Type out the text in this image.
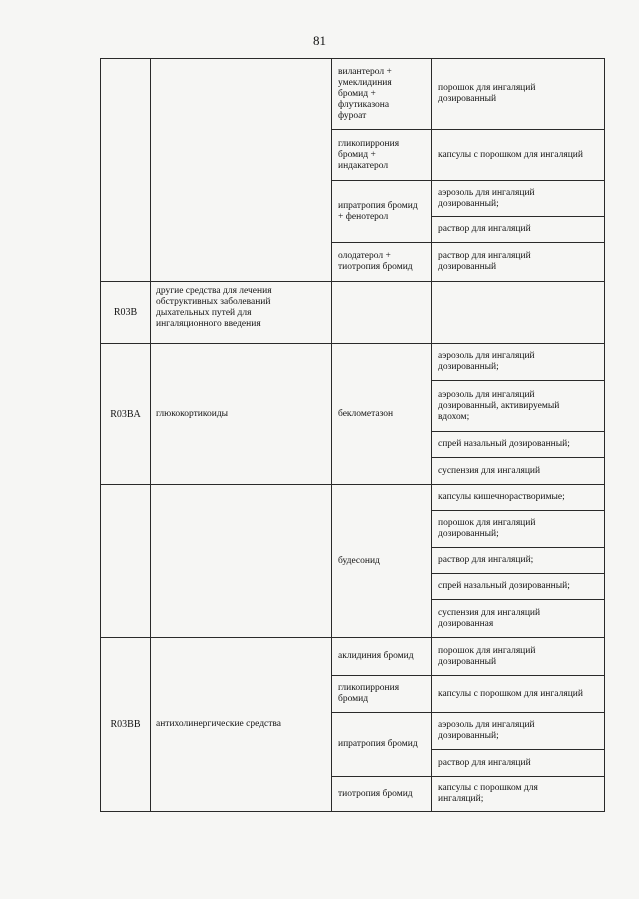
81
		вилантерол +
умеклидиния
бромид +
флутиказона
фуроат	порошок для ингаляций
дозированный
		гликопиррония
бромид +
индакатерол	капсулы с порошком для ингаляций
		ипратропия бромид
+ фенотерол	аэрозоль для ингаляций
дозированный;
			раствор для ингаляций
		олодатерол +
тиотропия бромид	раствор для ингаляций
дозированный
R03B	другие средства для лечения
обструктивных заболеваний
дыхательных путей для
ингаляционного введения		
R03BA	глюкокортикоиды	беклометазон	аэрозоль для ингаляций
дозированный;
			аэрозоль для ингаляций
дозированный, активируемый
вдохом;
			спрей назальный дозированный;
			суспензия для ингаляций
		будесонид	капсулы кишечнорастворимые;
			порошок для ингаляций
дозированный;
			раствор для ингаляций;
			спрей назальный дозированный;
			суспензия для ингаляций
дозированная
R03BB	антихолинергические средства	аклидиния бромид	порошок для ингаляций
дозированный
		гликопиррония
бромид	капсулы с порошком для ингаляций
		ипратропия бромид	аэрозоль для ингаляций
дозированный;
			раствор для ингаляций
		тиотропия бромид	капсулы с порошком для
ингаляций;
